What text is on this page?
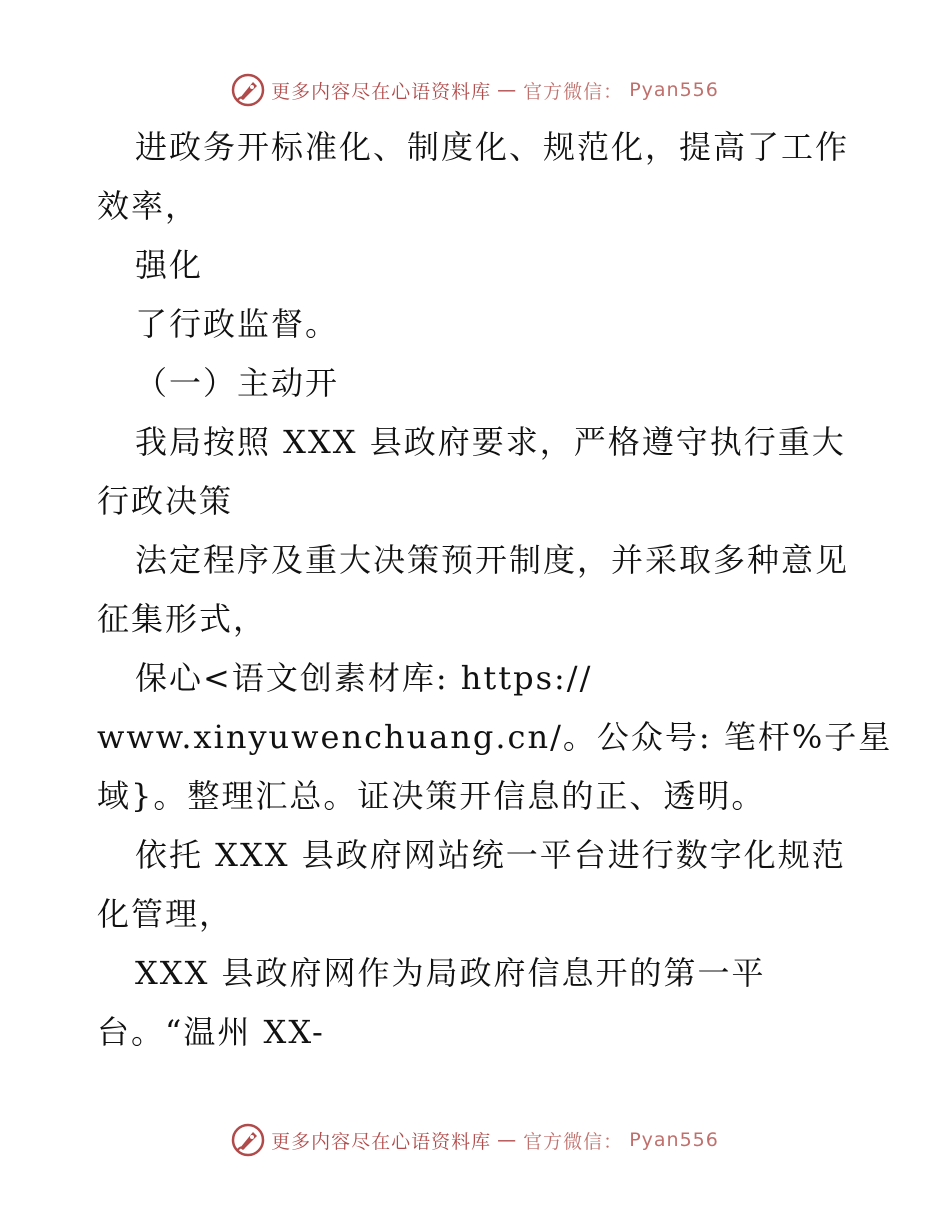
更多内容尽在心语资料库 — 官方微信： Pyan556
进政务开标准化、制度化、规范化，提高了工作
效率，
强化
了行政监督。
（一）主动开
我局按照 XXX 县政府要求，严格遵守执行重大
行政决策
法定程序及重大决策预开制度，并采取多种意见
征集形式，
保心<语文创素材库: https://
www.xinyuwenchuang.cn/。公众号: 笔杆%子星
域}。整理汇总。证决策开信息的正、透明。
依托 XXX 县政府网站统一平台进行数字化规范
化管理，
XXX 县政府网作为局政府信息开的第一平
台。“温州 XX-
更多内容尽在心语资料库 — 官方微信： Pyan556
